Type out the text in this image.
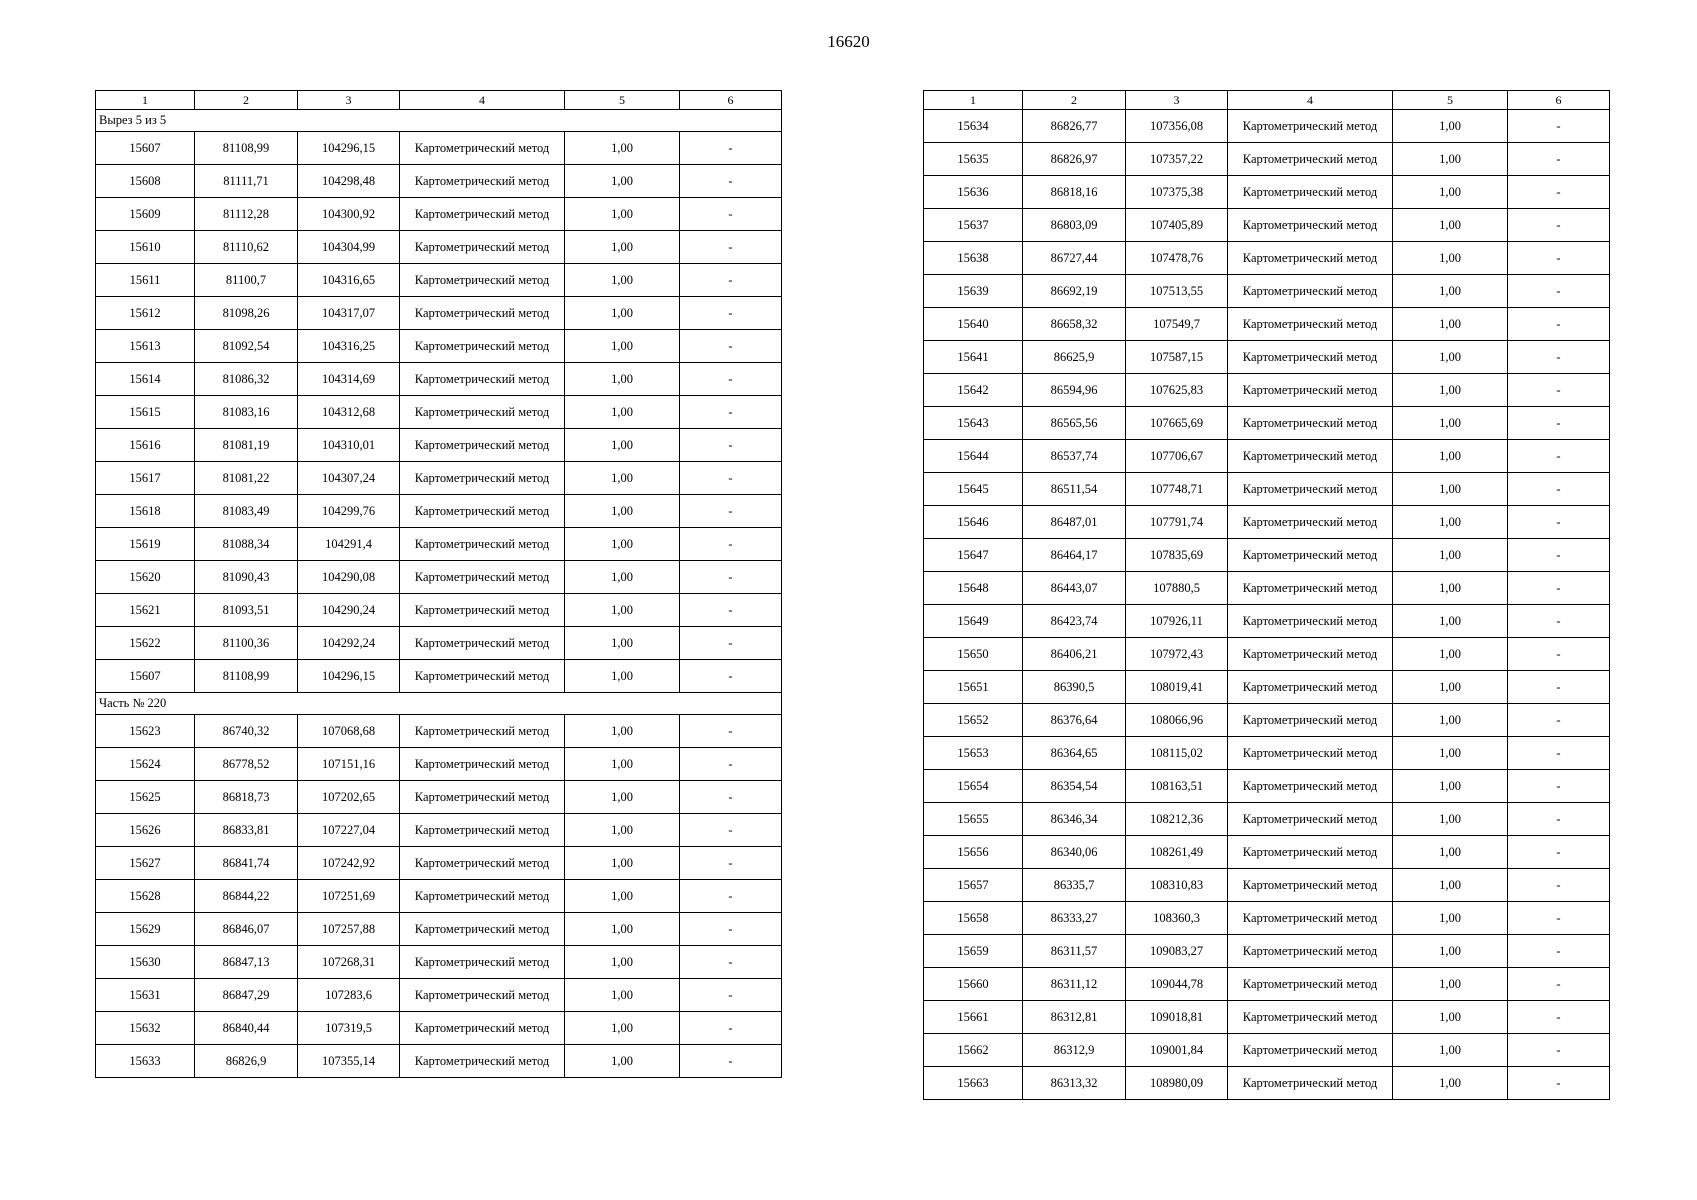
16620
1	2	3	4	5	6
Вырез 5 из 5					
15607	81108,99	104296,15	Картометрический метод	1,00	-
15608	81111,71	104298,48	Картометрический метод	1,00	-
15609	81112,28	104300,92	Картометрический метод	1,00	-
15610	81110,62	104304,99	Картометрический метод	1,00	-
15611	81100,7	104316,65	Картометрический метод	1,00	-
15612	81098,26	104317,07	Картометрический метод	1,00	-
15613	81092,54	104316,25	Картометрический метод	1,00	-
15614	81086,32	104314,69	Картометрический метод	1,00	-
15615	81083,16	104312,68	Картометрический метод	1,00	-
15616	81081,19	104310,01	Картометрический метод	1,00	-
15617	81081,22	104307,24	Картометрический метод	1,00	-
15618	81083,49	104299,76	Картометрический метод	1,00	-
15619	81088,34	104291,4	Картометрический метод	1,00	-
15620	81090,43	104290,08	Картометрический метод	1,00	-
15621	81093,51	104290,24	Картометрический метод	1,00	-
15622	81100,36	104292,24	Картометрический метод	1,00	-
15607	81108,99	104296,15	Картометрический метод	1,00	-
Часть № 220					
15623	86740,32	107068,68	Картометрический метод	1,00	-
15624	86778,52	107151,16	Картометрический метод	1,00	-
15625	86818,73	107202,65	Картометрический метод	1,00	-
15626	86833,81	107227,04	Картометрический метод	1,00	-
15627	86841,74	107242,92	Картометрический метод	1,00	-
15628	86844,22	107251,69	Картометрический метод	1,00	-
15629	86846,07	107257,88	Картометрический метод	1,00	-
15630	86847,13	107268,31	Картометрический метод	1,00	-
15631	86847,29	107283,6	Картометрический метод	1,00	-
15632	86840,44	107319,5	Картометрический метод	1,00	-
15633	86826,9	107355,14	Картометрический метод	1,00	-
1	2	3	4	5	6
15634	86826,77	107356,08	Картометрический метод	1,00	-
15635	86826,97	107357,22	Картометрический метод	1,00	-
15636	86818,16	107375,38	Картометрический метод	1,00	-
15637	86803,09	107405,89	Картометрический метод	1,00	-
15638	86727,44	107478,76	Картометрический метод	1,00	-
15639	86692,19	107513,55	Картометрический метод	1,00	-
15640	86658,32	107549,7	Картометрический метод	1,00	-
15641	86625,9	107587,15	Картометрический метод	1,00	-
15642	86594,96	107625,83	Картометрический метод	1,00	-
15643	86565,56	107665,69	Картометрический метод	1,00	-
15644	86537,74	107706,67	Картометрический метод	1,00	-
15645	86511,54	107748,71	Картометрический метод	1,00	-
15646	86487,01	107791,74	Картометрический метод	1,00	-
15647	86464,17	107835,69	Картометрический метод	1,00	-
15648	86443,07	107880,5	Картометрический метод	1,00	-
15649	86423,74	107926,11	Картометрический метод	1,00	-
15650	86406,21	107972,43	Картометрический метод	1,00	-
15651	86390,5	108019,41	Картометрический метод	1,00	-
15652	86376,64	108066,96	Картометрический метод	1,00	-
15653	86364,65	108115,02	Картометрический метод	1,00	-
15654	86354,54	108163,51	Картометрический метод	1,00	-
15655	86346,34	108212,36	Картометрический метод	1,00	-
15656	86340,06	108261,49	Картометрический метод	1,00	-
15657	86335,7	108310,83	Картометрический метод	1,00	-
15658	86333,27	108360,3	Картометрический метод	1,00	-
15659	86311,57	109083,27	Картометрический метод	1,00	-
15660	86311,12	109044,78	Картометрический метод	1,00	-
15661	86312,81	109018,81	Картометрический метод	1,00	-
15662	86312,9	109001,84	Картометрический метод	1,00	-
15663	86313,32	108980,09	Картометрический метод	1,00	-
